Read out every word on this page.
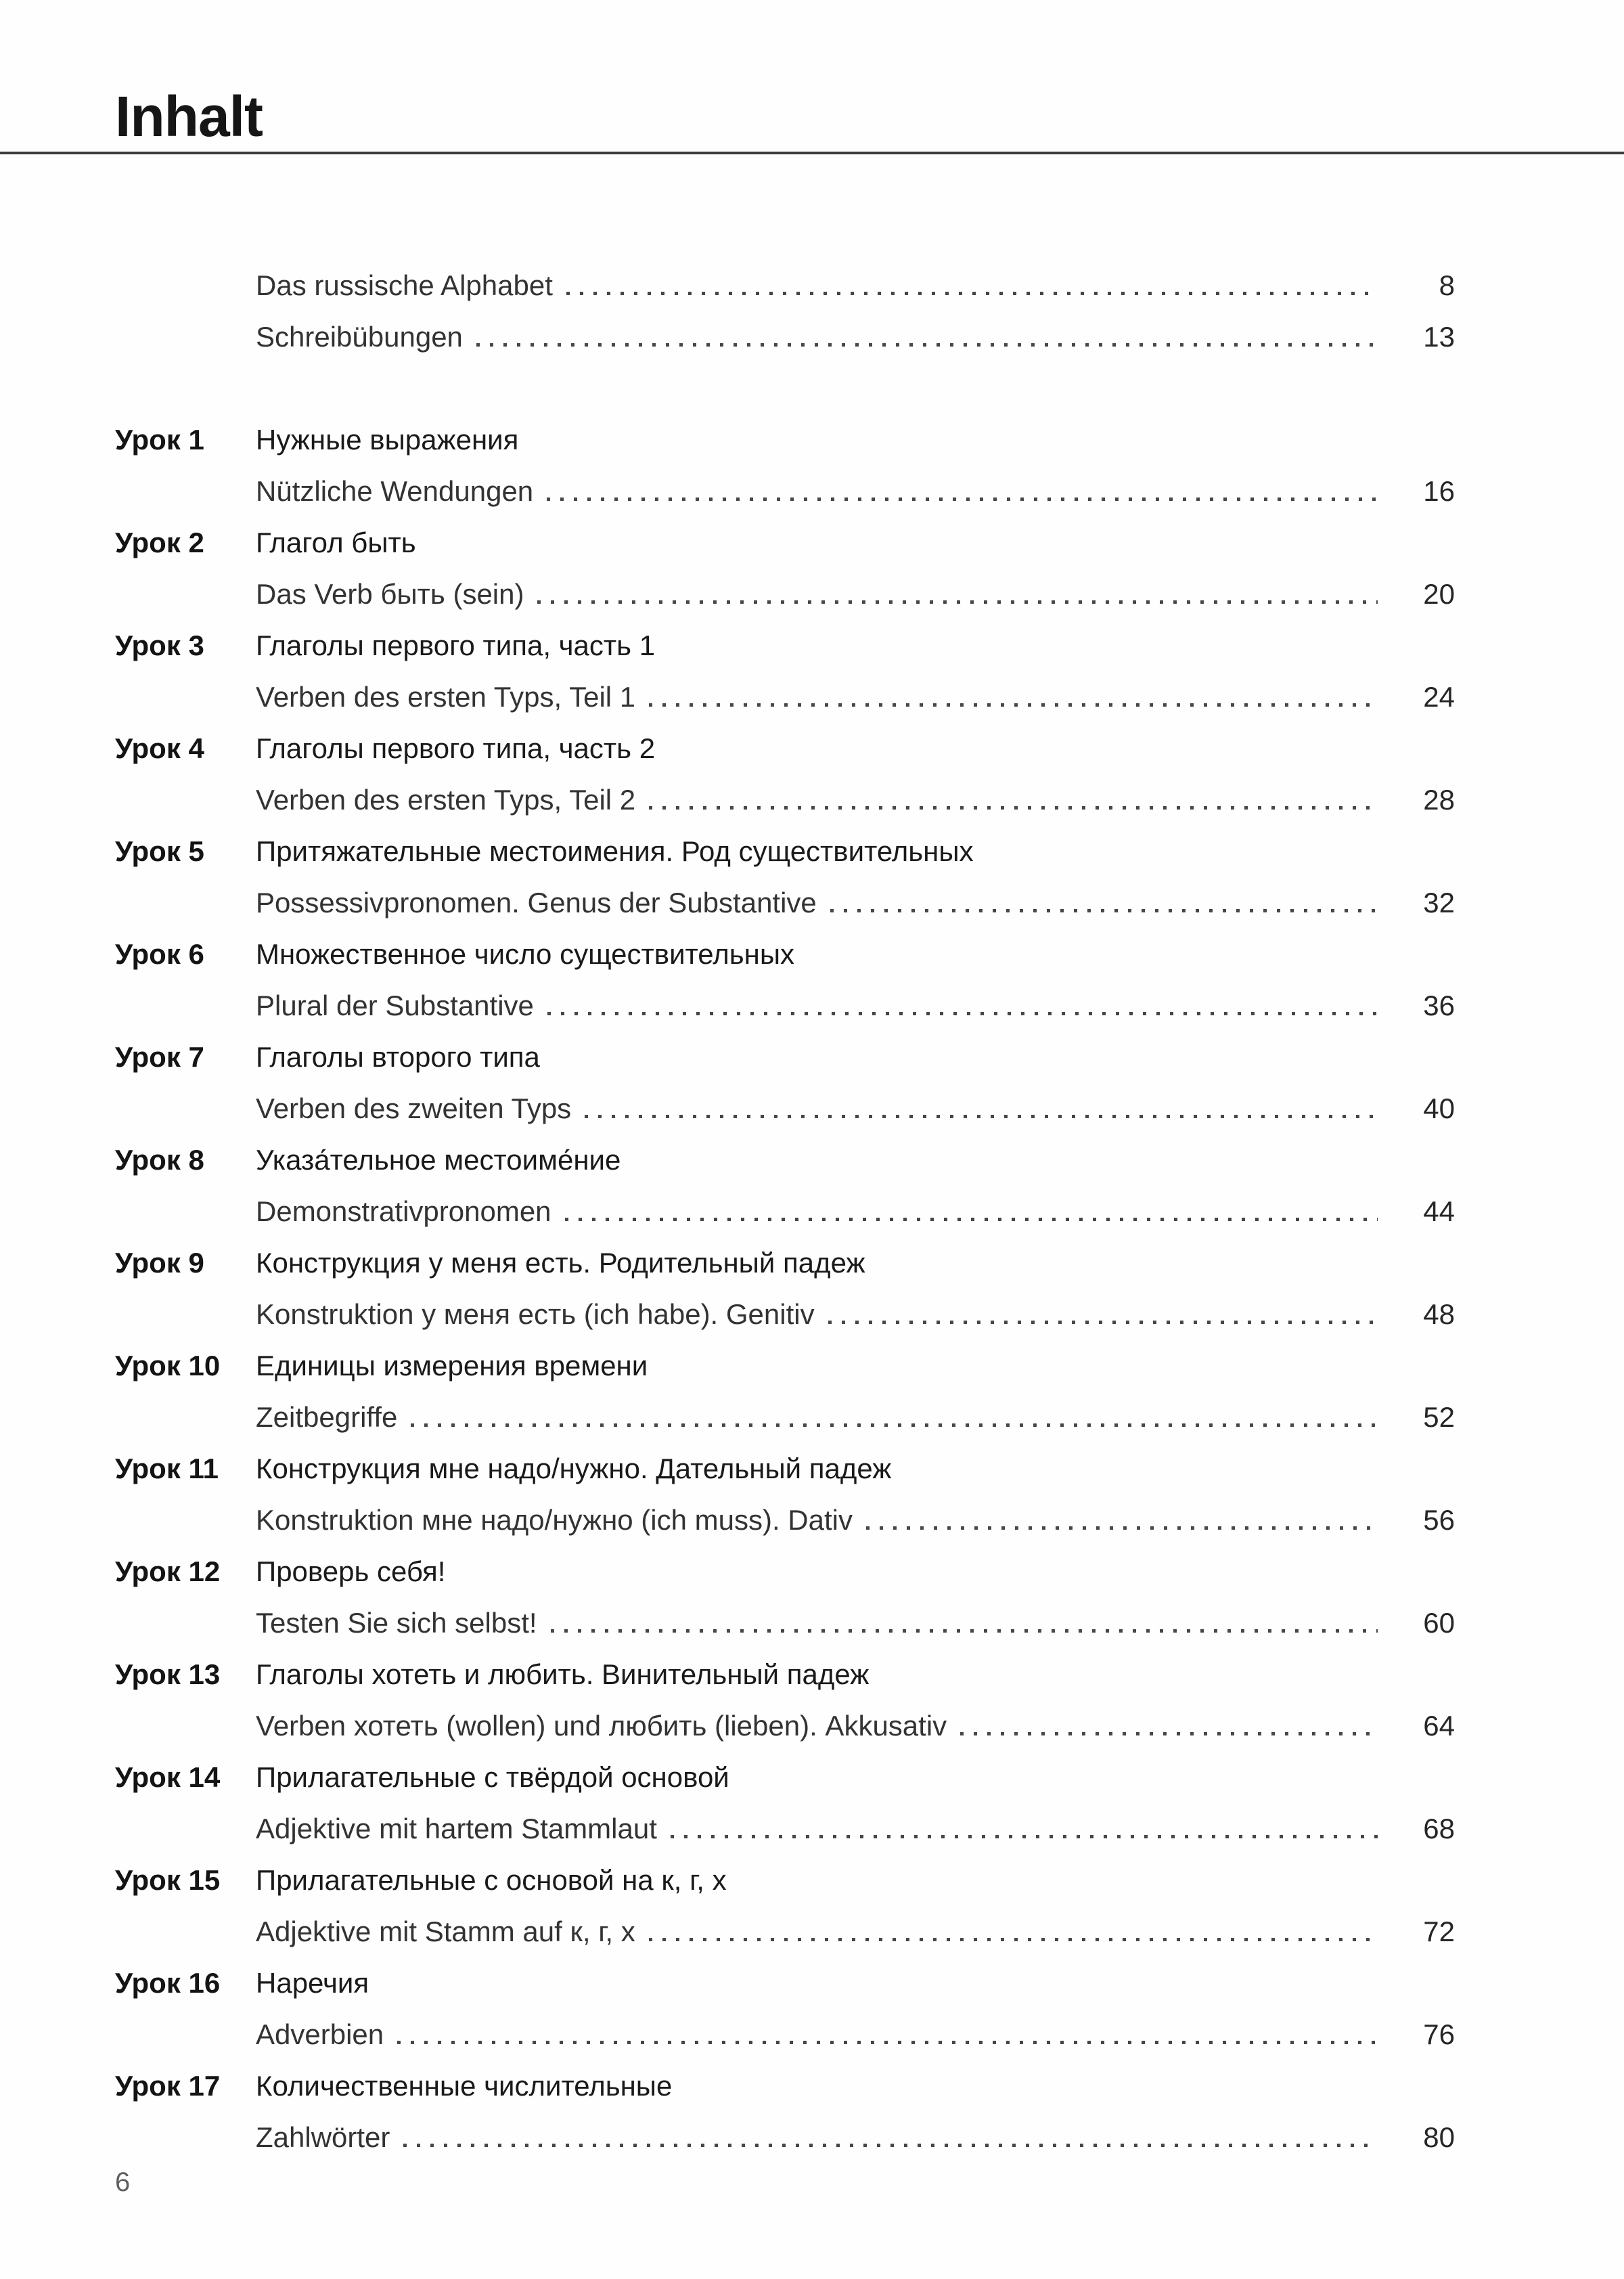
Inhalt
Das russische Alphabet	8
Schreibübungen	13
Урок 1	Нужные выражения
Nützliche Wendungen	16
Урок 2	Глагол быть
Das Verb быть (sein)	20
Урок 3	Глаголы первого типа, часть 1
Verben des ersten Typs, Teil 1	24
Урок 4	Глаголы первого типа, часть 2
Verben des ersten Typs, Teil 2	28
Урок 5	Притяжательные местоимения. Род существительных
Possessivpronomen. Genus der Substantive	32
Урок 6	Множественное число существительных
Plural der Substantive	36
Урок 7	Глаголы второго типа
Verben des zweiten Typs	40
Урок 8	Указа́тельное местоиме́ние
Demonstrativpronomen	44
Урок 9	Конструкция у меня есть. Родительный падеж
Konstruktion у меня есть (ich habe). Genitiv	48
Урок 10	Единицы измерения времени
Zeitbegriffe	52
Урок 11	Конструкция мне надо/нужно. Дательный падеж
Konstruktion мне надо/нужно (ich muss). Dativ	56
Урок 12	Проверь себя!
Testen Sie sich selbst!	60
Урок 13	Глаголы хотеть и любить. Винительный падеж
Verben хотеть (wollen) und любить (lieben). Akkusativ	64
Урок 14	Прилагательные с твёрдой основой
Adjektive mit hartem Stammlaut	68
Урок 15	Прилагательные с основой на к, г, х
Adjektive mit Stamm auf к, г, х	72
Урок 16	Наречия
Adverbien	76
Урок 17	Количественные числительные
Zahlwörter	80
6
